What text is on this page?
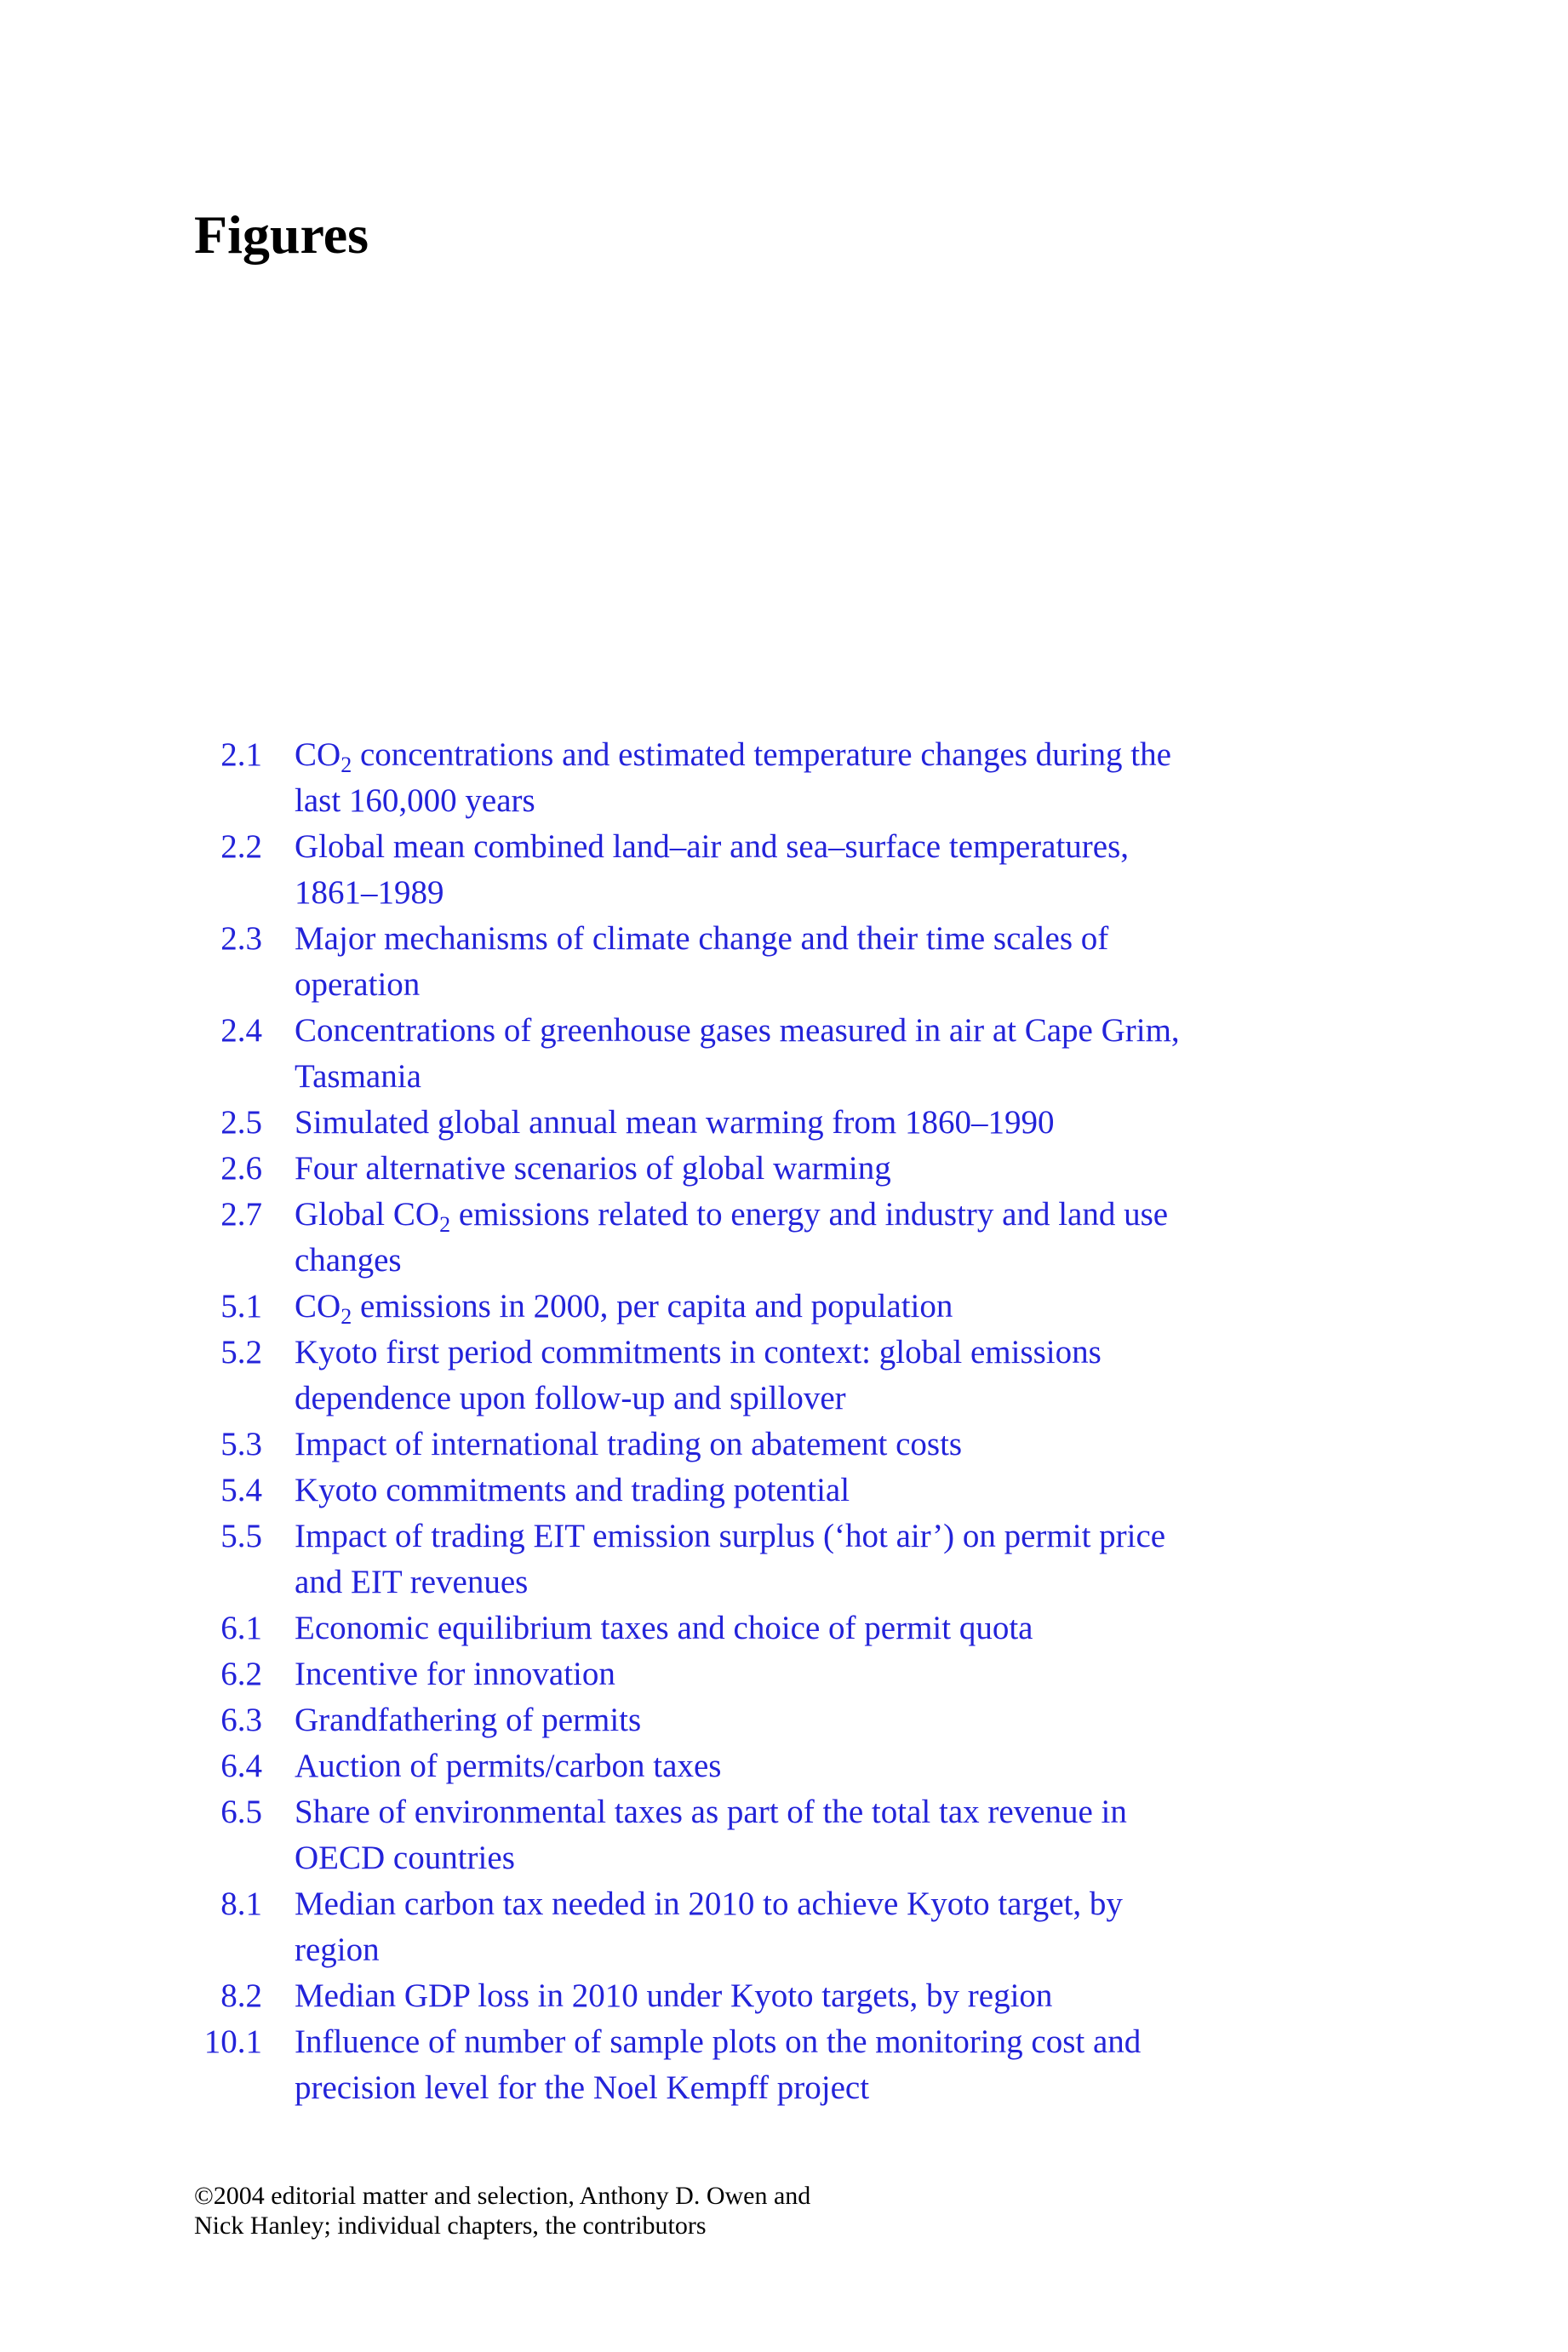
Figures
2.1 $CO_2$ concentrations and estimated temperature changes during the last 160,000 years
2.2 Global mean combined land–air and sea–surface temperatures, 1861–1989
2.3 Major mechanisms of climate change and their time scales of operation
2.4 Concentrations of greenhouse gases measured in air at Cape Grim, Tasmania
2.5 Simulated global annual mean warming from 1860–1990
2.6 Four alternative scenarios of global warming
2.7 Global $CO_2$ emissions related to energy and industry and land use changes
5.1 $CO_2$ emissions in 2000, per capita and population
5.2 Kyoto first period commitments in context: global emissions dependence upon follow-up and spillover
5.3 Impact of international trading on abatement costs
5.4 Kyoto commitments and trading potential
5.5 Impact of trading EIT emission surplus (‘hot air’) on permit price and EIT revenues
6.1 Economic equilibrium taxes and choice of permit quota
6.2 Incentive for innovation
6.3 Grandfathering of permits
6.4 Auction of permits/carbon taxes
6.5 Share of environmental taxes as part of the total tax revenue in OECD countries
8.1 Median carbon tax needed in 2010 to achieve Kyoto target, by region
8.2 Median GDP loss in 2010 under Kyoto targets, by region
10.1 Influence of number of sample plots on the monitoring cost and precision level for the Noel Kempff project
©2004 editorial matter and selection, Anthony D. Owen and
Nick Hanley; individual chapters, the contributors
